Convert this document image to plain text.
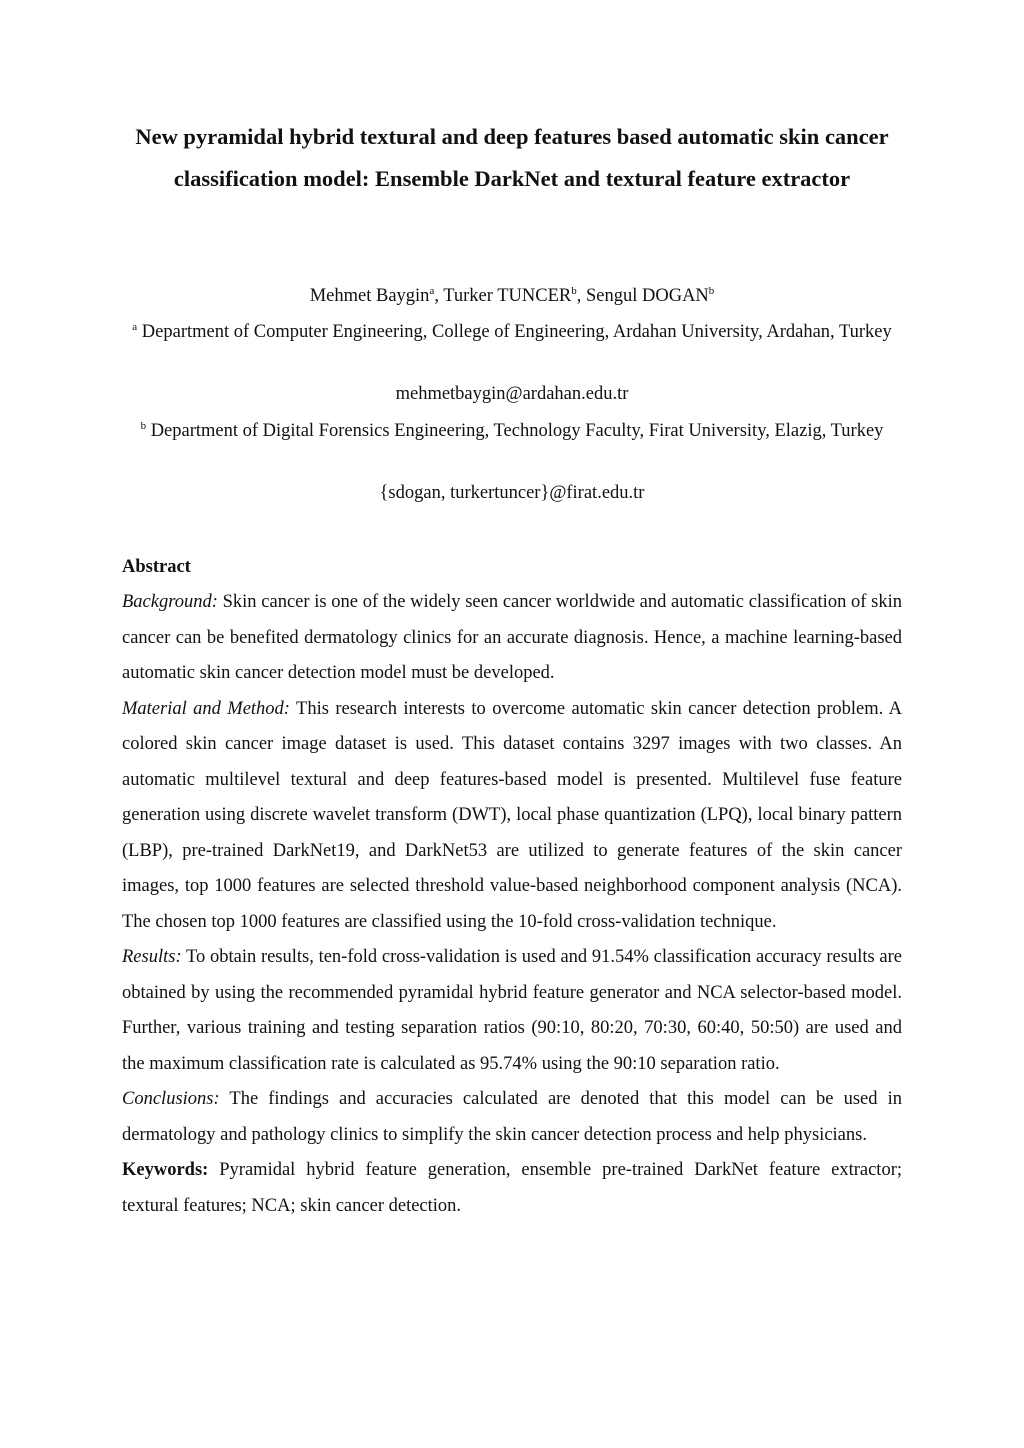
New pyramidal hybrid textural and deep features based automatic skin cancer classification model: Ensemble DarkNet and textural feature extractor
Mehmet Baygin$^a$, Turker TUNCER$^b$, Sengul DOGAN$^b$
$^a$ Department of Computer Engineering, College of Engineering, Ardahan University, Ardahan, Turkey
mehmetbaygin@ardahan.edu.tr
$^b$ Department of Digital Forensics Engineering, Technology Faculty, Firat University, Elazig, Turkey
{sdogan, turkertuncer}@firat.edu.tr
Abstract

Background: Skin cancer is one of the widely seen cancer worldwide and automatic classification of skin cancer can be benefited dermatology clinics for an accurate diagnosis. Hence, a machine learning-based automatic skin cancer detection model must be developed.

Material and Method: This research interests to overcome automatic skin cancer detection problem. A colored skin cancer image dataset is used. This dataset contains 3297 images with two classes. An automatic multilevel textural and deep features-based model is presented. Multilevel fuse feature generation using discrete wavelet transform (DWT), local phase quantization (LPQ), local binary pattern (LBP), pre-trained DarkNet19, and DarkNet53 are utilized to generate features of the skin cancer images, top 1000 features are selected threshold value-based neighborhood component analysis (NCA). The chosen top 1000 features are classified using the 10-fold cross-validation technique.

Results: To obtain results, ten-fold cross-validation is used and 91.54% classification accuracy results are obtained by using the recommended pyramidal hybrid feature generator and NCA selector-based model. Further, various training and testing separation ratios (90:10, 80:20, 70:30, 60:40, 50:50) are used and the maximum classification rate is calculated as 95.74% using the 90:10 separation ratio.

Conclusions: The findings and accuracies calculated are denoted that this model can be used in dermatology and pathology clinics to simplify the skin cancer detection process and help physicians.

Keywords: Pyramidal hybrid feature generation, ensemble pre-trained DarkNet feature extractor; textural features; NCA; skin cancer detection.
